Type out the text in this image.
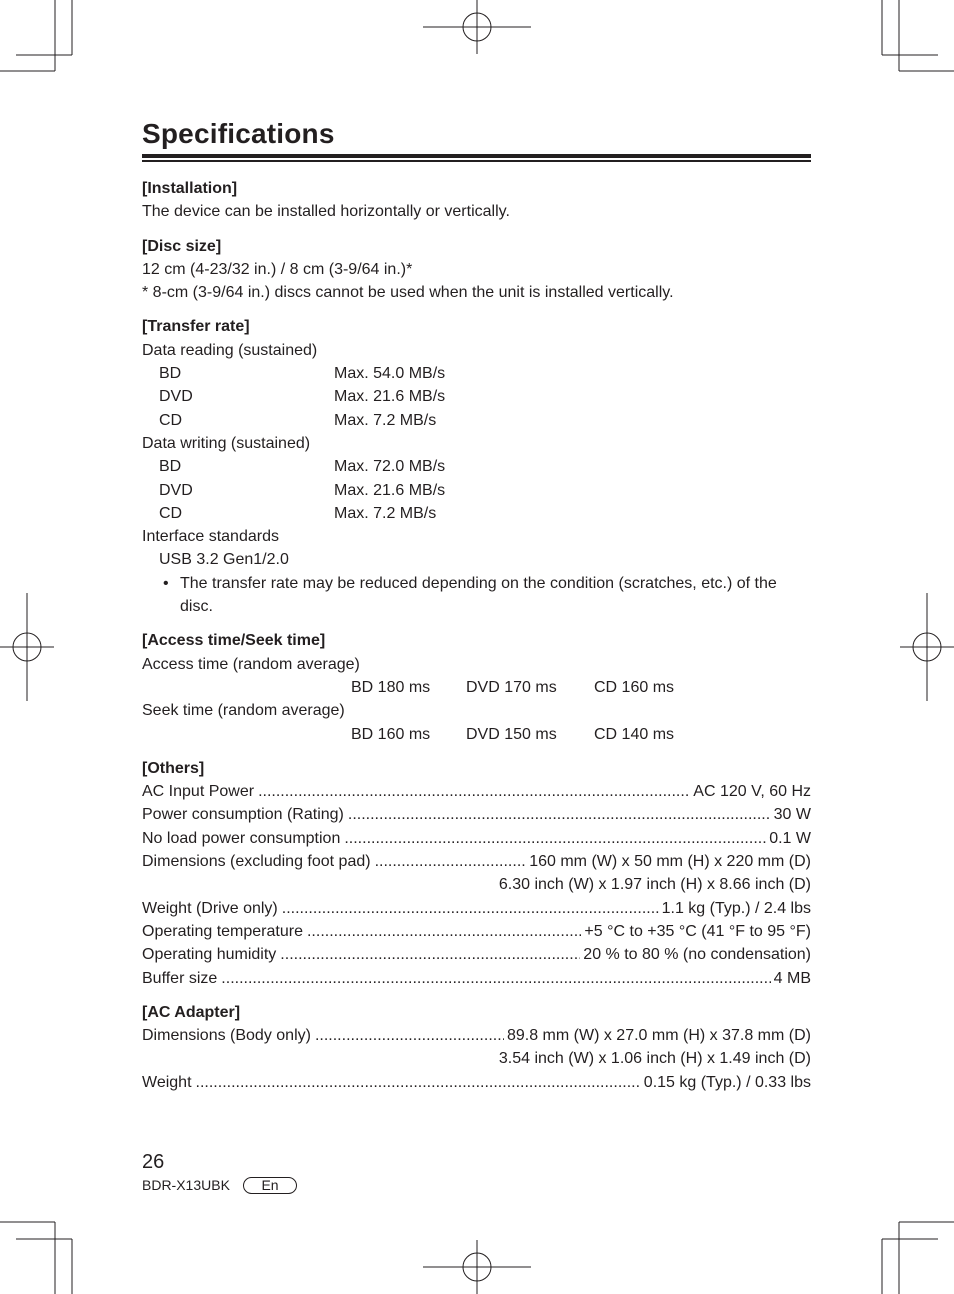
Specifications
[Installation]
The device can be installed horizontally or vertically.
[Disc size]
12 cm (4-23/32 in.) / 8 cm (3-9/64 in.)*
* 8-cm (3-9/64 in.) discs cannot be used when the unit is installed vertically.
[Transfer rate]
Data reading (sustained)
BD	Max. 54.0 MB/s
DVD	Max. 21.6 MB/s
CD	Max. 7.2 MB/s
Data writing (sustained)
BD	Max. 72.0 MB/s
DVD	Max. 21.6 MB/s
CD	Max. 7.2 MB/s
Interface standards
USB 3.2 Gen1/2.0
• The transfer rate may be reduced depending on the condition (scratches, etc.) of the disc.
[Access time/Seek time]
Access time (random average)
BD 180 ms	DVD 170 ms	CD 160 ms
Seek time (random average)
BD 160 ms	DVD 150 ms	CD 140 ms
[Others]
AC Input Power .....	AC 120 V, 60 Hz
Power consumption (Rating) .....	30 W
No load power consumption .....	0.1 W
Dimensions (excluding foot pad) .....	160 mm (W) x 50 mm (H) x 220 mm (D)
6.30 inch (W) x 1.97 inch (H) x 8.66 inch (D)
Weight (Drive only) .....	1.1 kg (Typ.) / 2.4 lbs
Operating temperature .....	+5 °C to +35 °C (41 °F to 95 °F)
Operating humidity .....	20 % to 80 % (no condensation)
Buffer size .....	4 MB
[AC Adapter]
Dimensions (Body only) .....	89.8 mm (W) x 27.0 mm (H) x 37.8 mm (D)
3.54 inch (W) x 1.06 inch (H) x 1.49 inch (D)
Weight .....	0.15 kg (Typ.) / 0.33 lbs
26
BDR-X13UBK	En
